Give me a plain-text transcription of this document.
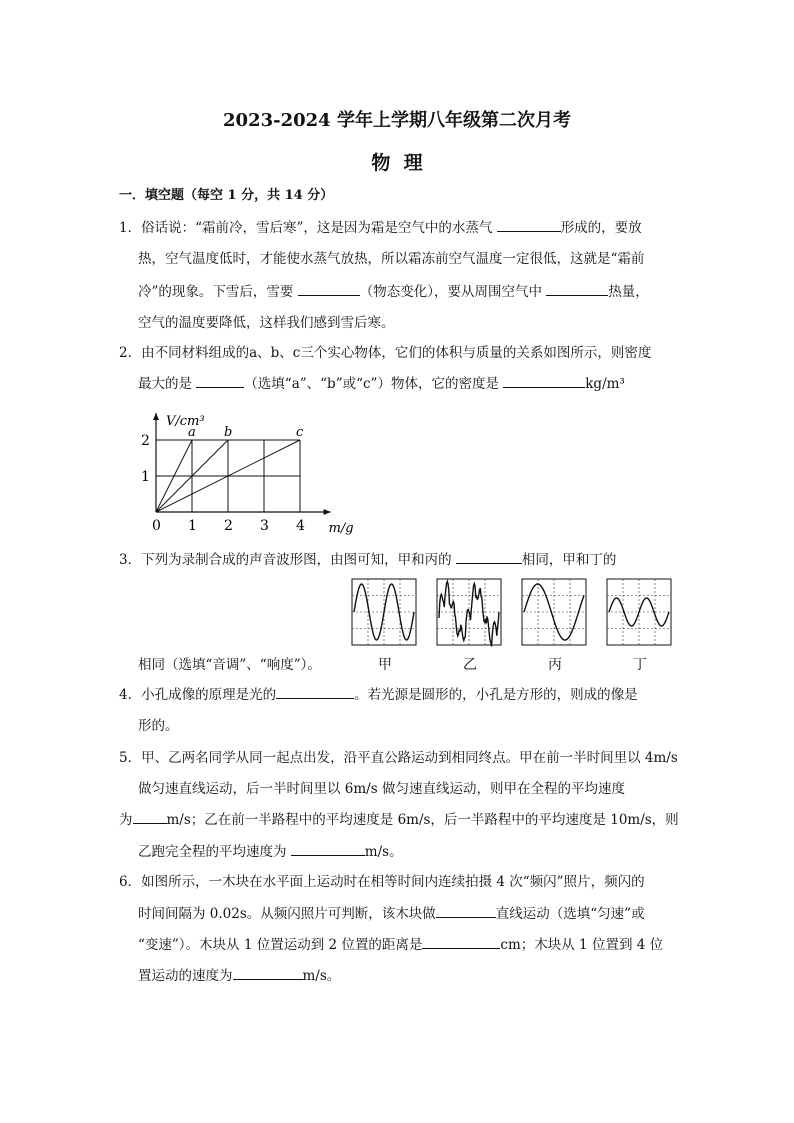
2023-2024 学年上学期八年级第二次月考
物  理
一．填空题（每空 1 分，共 14 分）
1．俗话说：“霜前冷，雪后寒”，这是因为霜是空气中的水蒸气	形成的，要放
热，空气温度低时，才能使水蒸气放热，所以霜冻前空气温度一定很低，这就是“霜前
冷”的现象。下雪后，雪要	（物态变化），要从周围空气中	热量，
空气的温度要降低，这样我们感到雪后寒。
2．由不同材料组成的a、b、c三个实心物体，它们的体积与质量的关系如图所示，则密度
最大的是	（选填“a”、“b”或“c”）物体，它的密度是	kg/m³
a b	c
0 1 2 3 4
1
2
V/cm³
m/g
3．下列为录制合成的声音波形图，由图可知，甲和丙的	相同，甲和丁的
相同（选填“音调”、“响度”）。	甲	乙	丙	丁
4．小孔成像的原理是光的	。若光源是圆形的，小孔是方形的，则成的像是
形的。
5．甲、乙两名同学从同一起点出发，沿平直公路运动到相同终点。甲在前一半时间里以 4m/s
做匀速直线运动，后一半时间里以 6m/s 做匀速直线运动，则甲在全程的平均速度
为	m/s；乙在前一半路程中的平均速度是 6m/s，后一半路程中的平均速度是 10m/s，则
乙跑完全程的平均速度为	m/s。
6．如图所示，一木块在水平面上运动时在相等时间内连续拍摄 4 次“频闪”照片，频闪的
时间间隔为 0.02s。从频闪照片可判断，该木块做	直线运动（选填“匀速”或
“变速”）。木块从 1 位置运动到 2 位置的距离是	cm；木块从 1 位置到 4 位
置运动的速度为	m/s。
